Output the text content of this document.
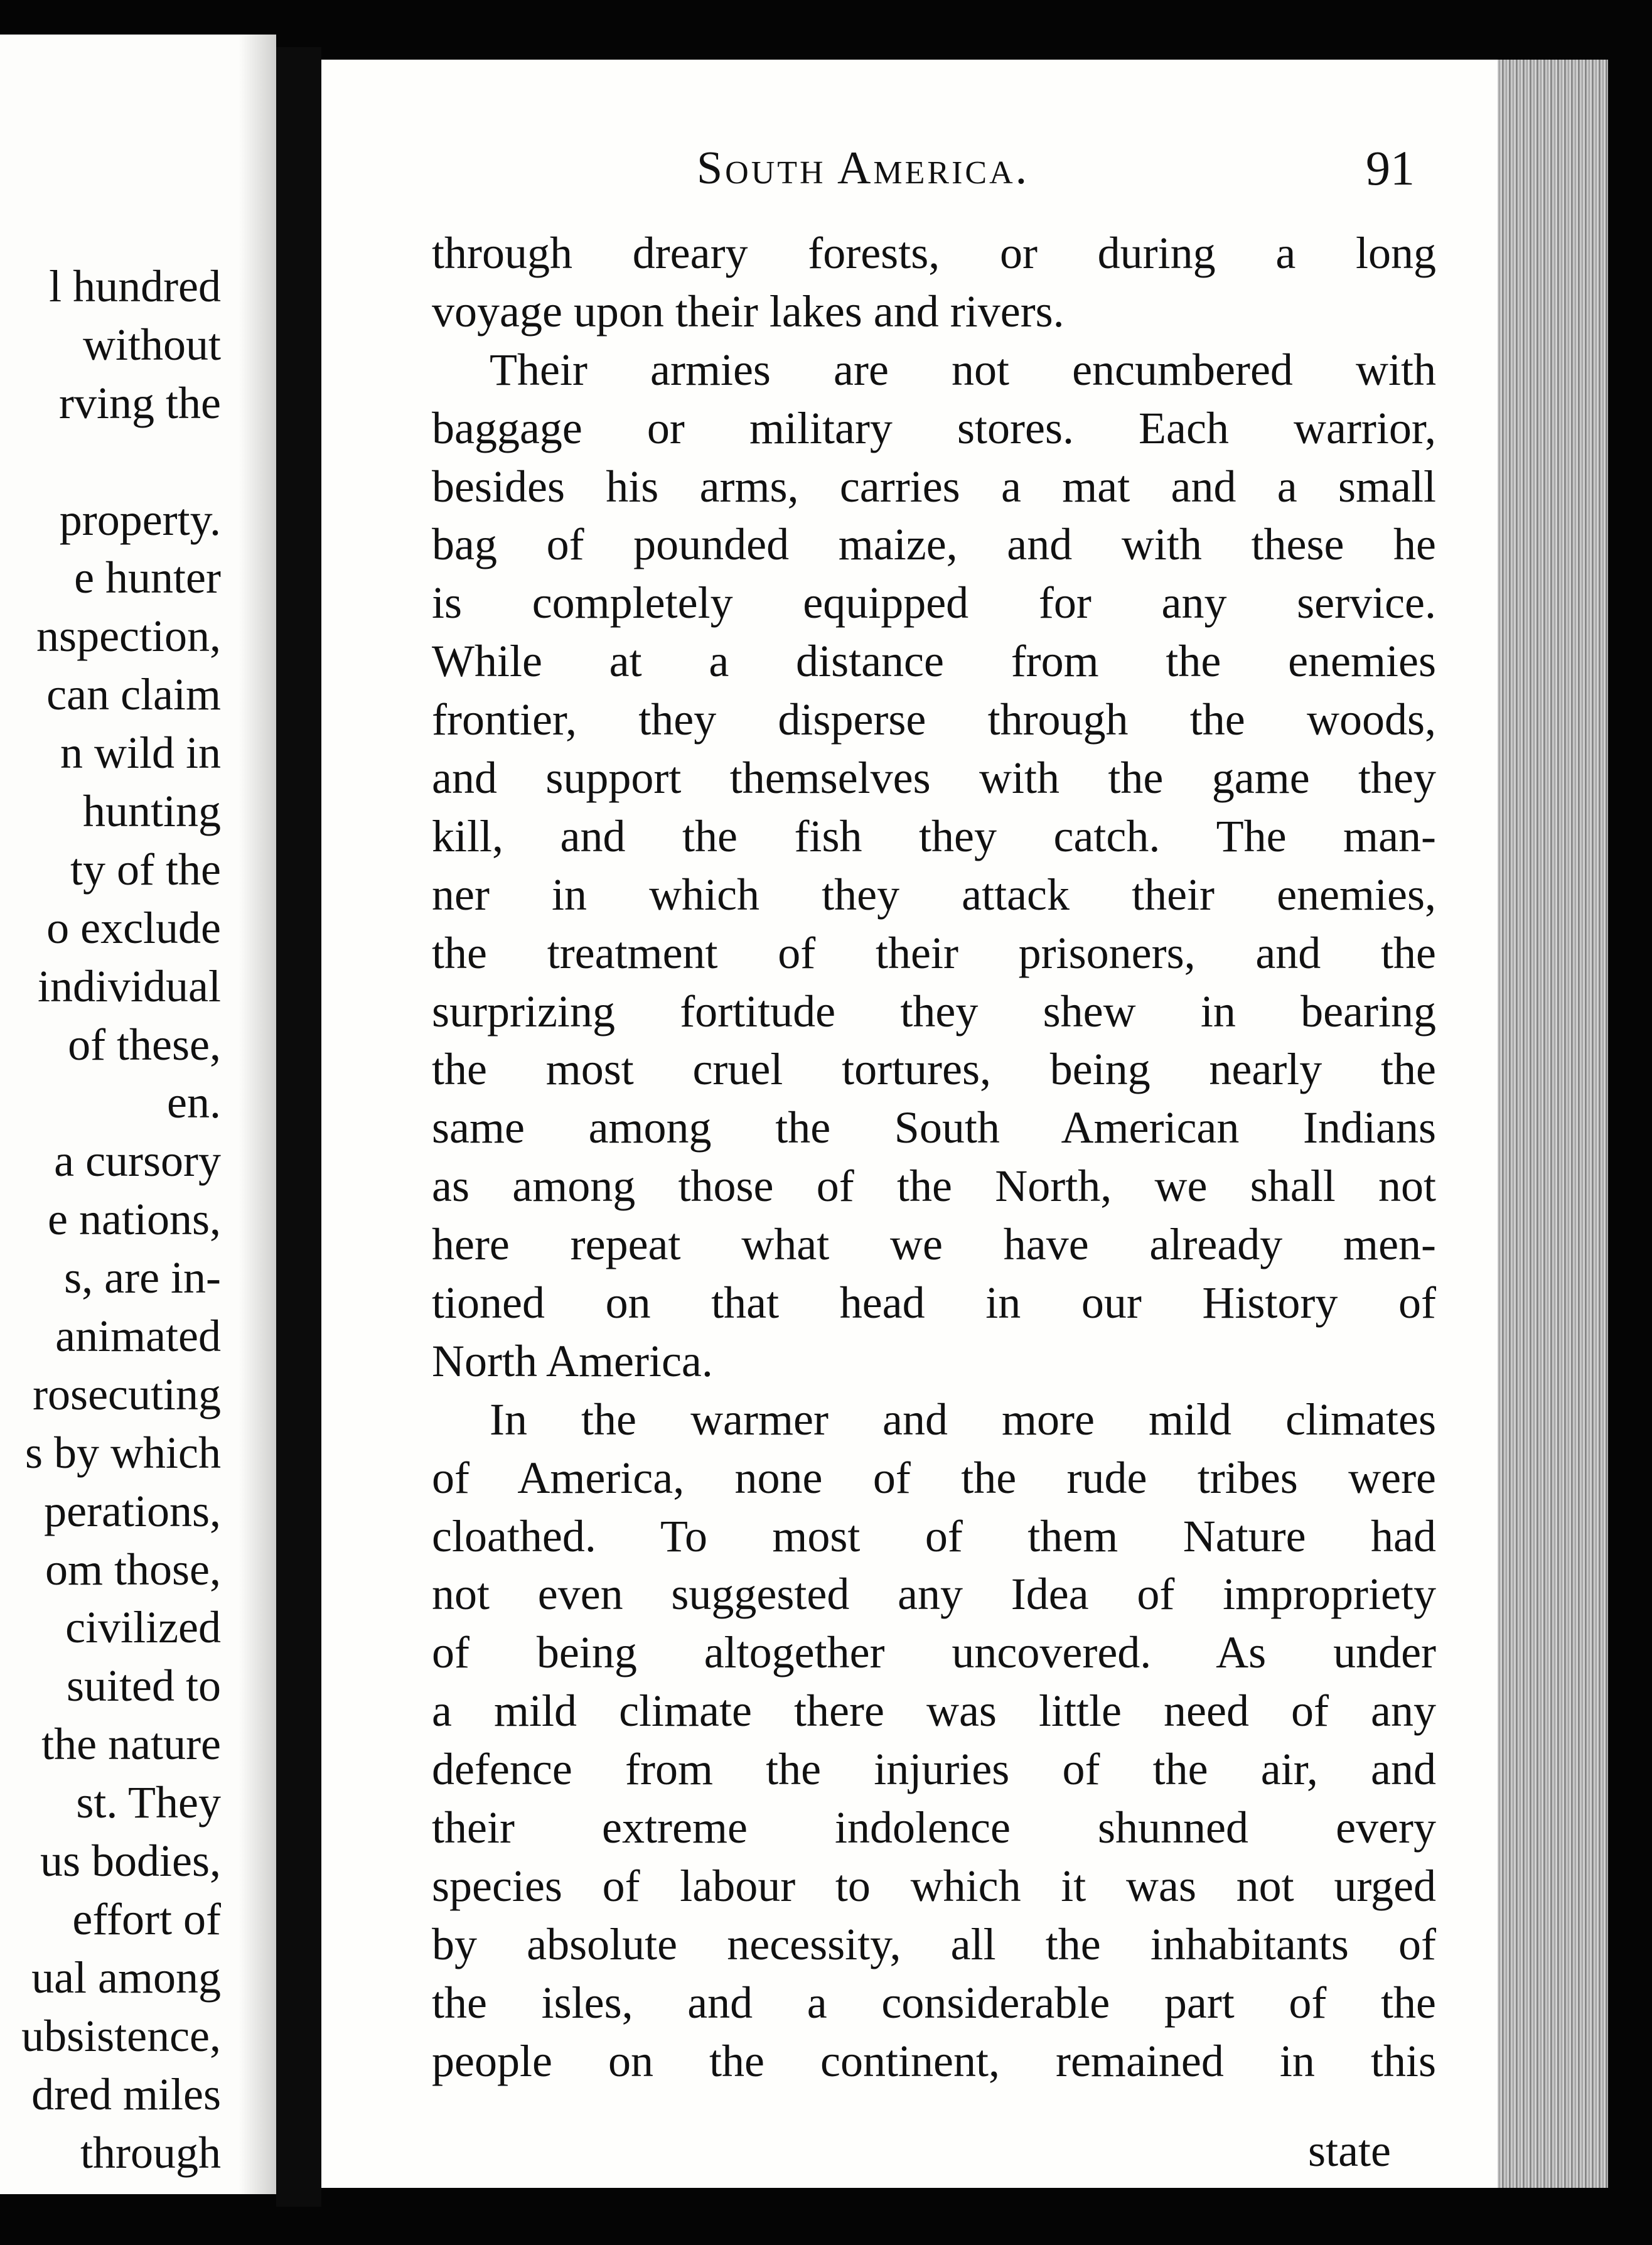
l hundred
without
rving the
property.
e hunter
nspection,
can claim
n wild in
hunting
ty of the
o exclude
individual
of these,
en.
a cursory
e nations,
s, are in-
animated
rosecuting
s by which
perations,
om those,
civilized
suited to
the nature
st. They
us bodies,
effort of
ual among
ubsistence,
dred miles
through
South America.	91
through dreary forests, or during a long
voyage upon their lakes and rivers.
Their armies are not encumbered with
baggage or military stores. Each warrior,
besides his arms, carries a mat and a small
bag of pounded maize, and with these he
is completely equipped for any service.
While at a distance from the enemies
frontier, they disperse through the woods,
and support themselves with the game they
kill, and the fish they catch. The man-
ner in which they attack their enemies,
the treatment of their prisoners, and the
surprizing fortitude they shew in bearing
the most cruel tortures, being nearly the
same among the South American Indians
as among those of the North, we shall not
here repeat what we have already men-
tioned on that head in our History of
North America.
In the warmer and more mild climates
of America, none of the rude tribes were
cloathed. To most of them Nature had
not even suggested any Idea of impropriety
of being altogether uncovered. As under
a mild climate there was little need of any
defence from the injuries of the air, and
their extreme indolence shunned every
species of labour to which it was not urged
by absolute necessity, all the inhabitants of
the isles, and a considerable part of the
people on the continent, remained in this
state
